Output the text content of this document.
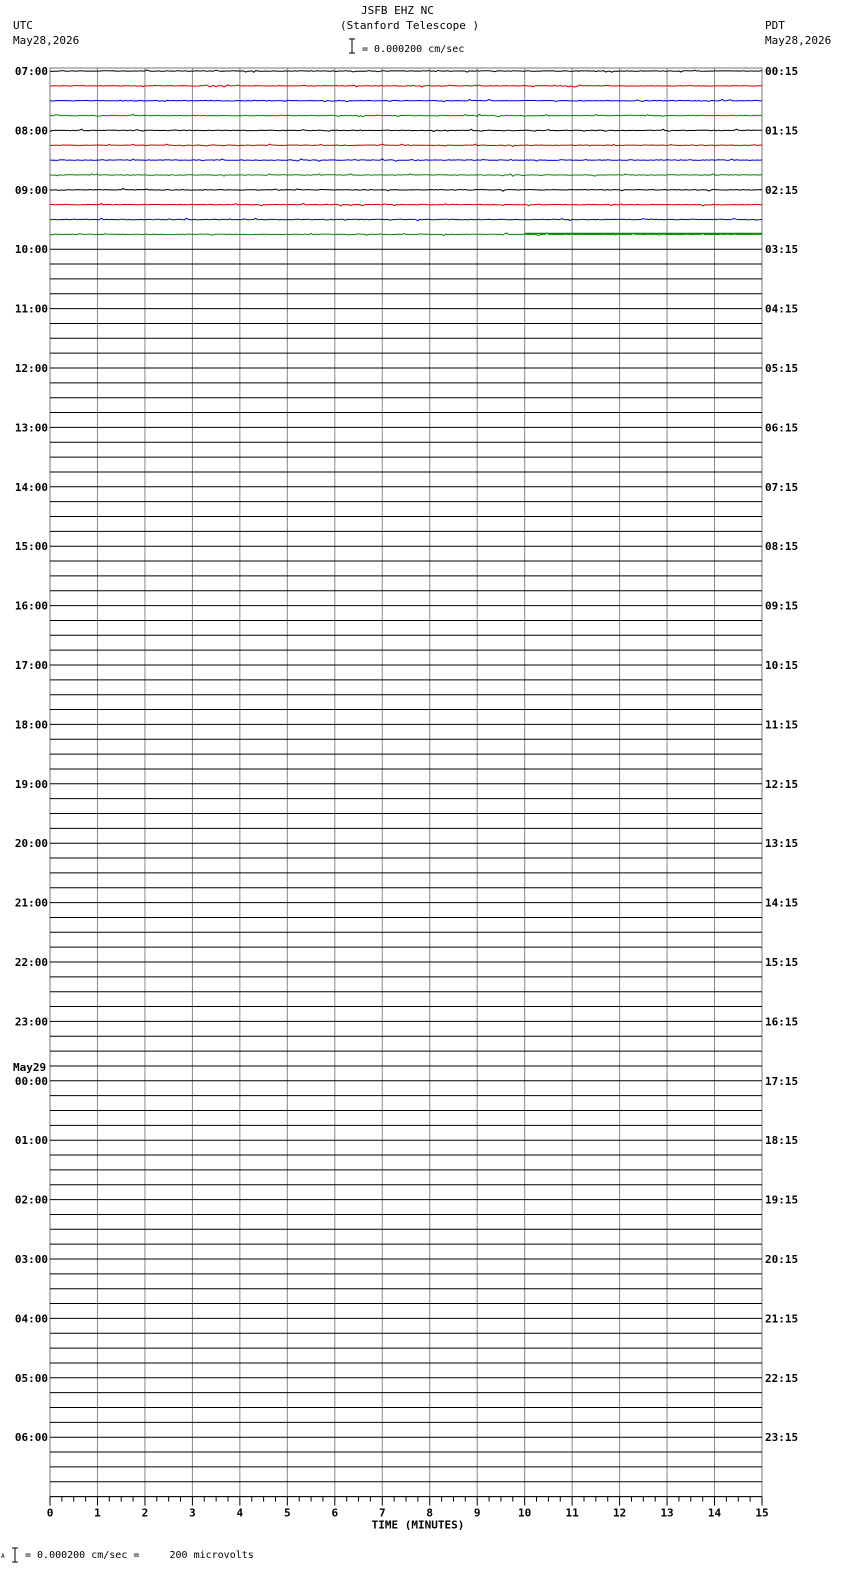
JSFB EHZ NC
(Stanford Telescope )
= 0.000200 cm/sec
UTC
May28,2026
PDT
May28,2026
0	1	2	3	4	5	6	7	8	9	10	11	12	13	14	15
TIME (MINUTES)
07:00
08:00
09:00
10:00
11:00
12:00
13:00
14:00
15:00
16:00
17:00
18:00
19:00
20:00
21:00
22:00
23:00
00:00
May29
01:00
02:00
03:00
04:00
05:00
06:00
00:15
01:15
02:15
03:15
04:15
05:15
06:15
07:15
08:15
09:15
10:15
11:15
12:15
13:15
14:15
15:15
16:15
17:15
18:15
19:15
20:15
21:15
22:15
23:15
A = 0.000200 cm/sec =     200 microvolts
